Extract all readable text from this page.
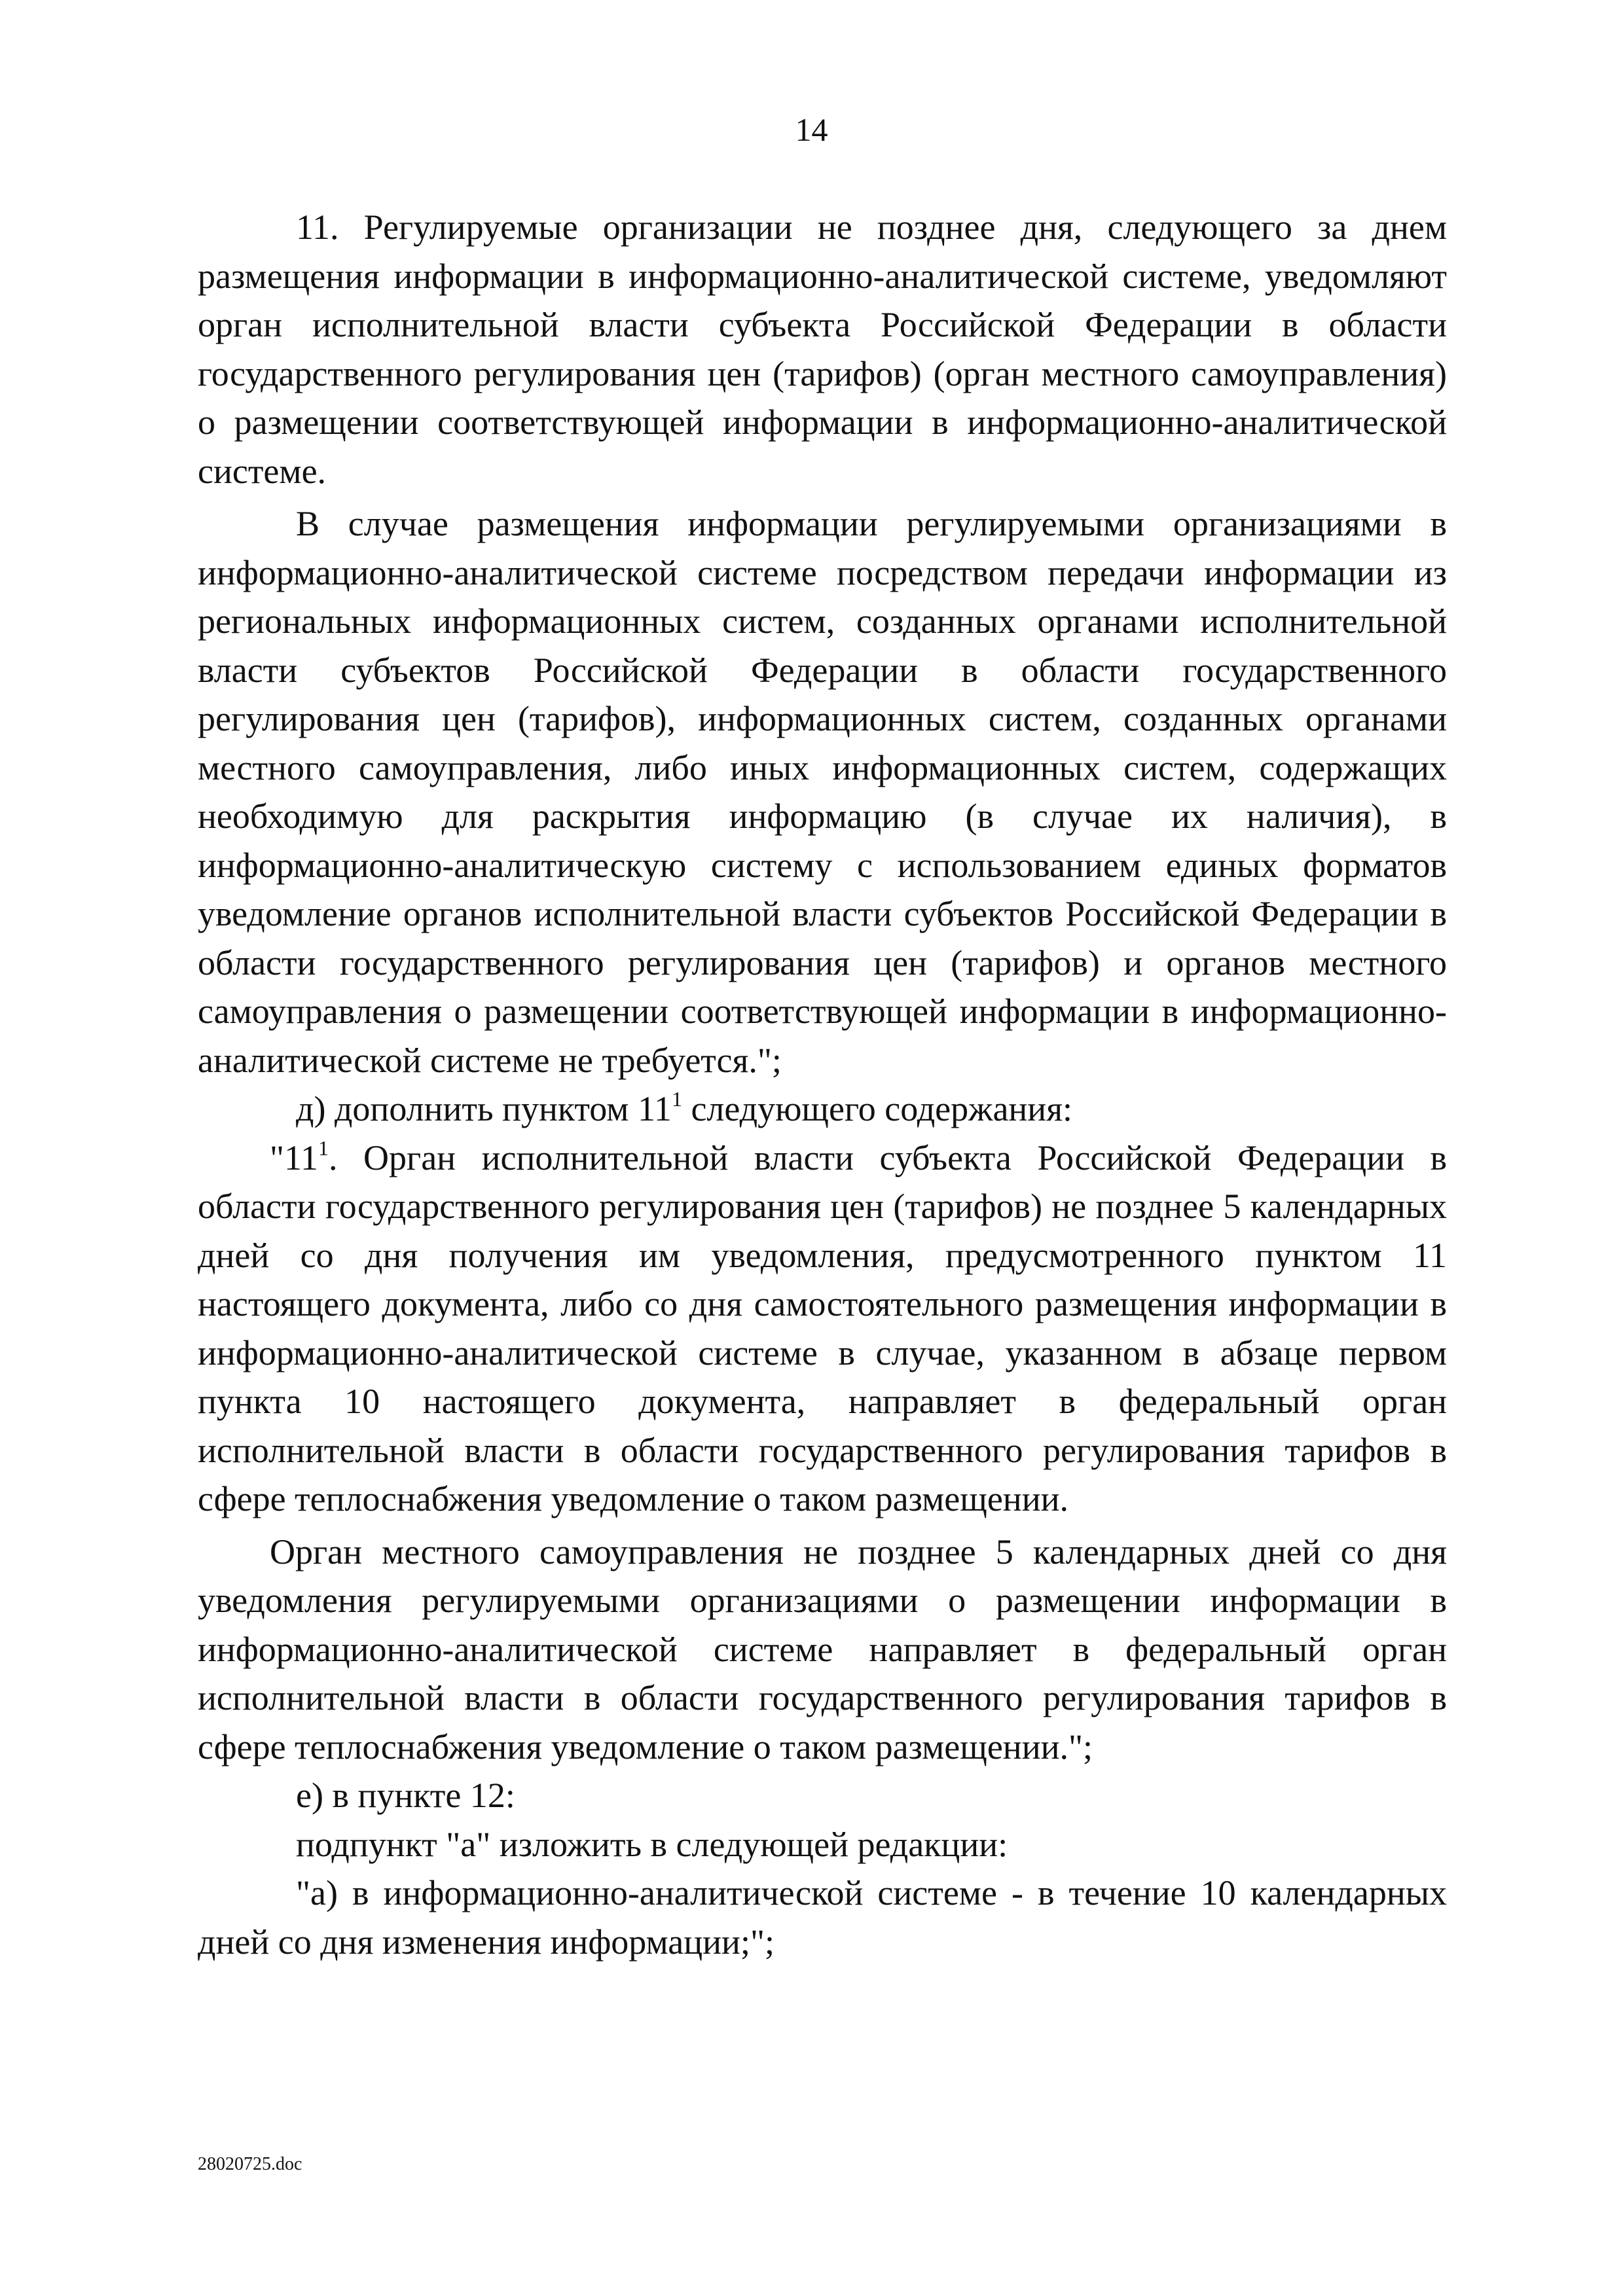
14

11. Регулируемые организации не позднее дня, следующего за днем размещения информации в информационно-аналитической системе, уведомляют орган исполнительной власти субъекта Российской Федерации в области государственного регулирования цен (тарифов) (орган местного самоуправления) о размещении соответствующей информации в информационно-аналитической системе.

В случае размещения информации регулируемыми организациями в информационно-аналитической системе посредством передачи информации из региональных информационных систем, созданных органами исполнительной власти субъектов Российской Федерации в области государственного регулирования цен (тарифов), информационных систем, созданных органами местного самоуправления, либо иных информационных систем, содержащих необходимую для раскрытия информацию (в случае их наличия), в информационно-аналитическую систему с использованием единых форматов уведомление органов исполнительной власти субъектов Российской Федерации в области государственного регулирования цен (тарифов) и органов местного самоуправления о размещении соответствующей информации в информационно-аналитической системе не требуется.";

д) дополнить пунктом $11^1$ следующего содержания:

"$11^1$. Орган исполнительной власти субъекта Российской Федерации в области государственного регулирования цен (тарифов) не позднее 5 календарных дней со дня получения им уведомления, предусмотренного пунктом 11 настоящего документа, либо со дня самостоятельного размещения информации в информационно-аналитической системе в случае, указанном в абзаце первом пункта 10 настоящего документа, направляет в федеральный орган исполнительной власти в области государственного регулирования тарифов в сфере теплоснабжения уведомление о таком размещении.

Орган местного самоуправления не позднее 5 календарных дней со дня уведомления регулируемыми организациями о размещении информации в информационно-аналитической системе направляет в федеральный орган исполнительной власти в области государственного регулирования тарифов в сфере теплоснабжения уведомление о таком размещении.";

е) в пункте 12:

подпункт "а" изложить в следующей редакции:

"а) в информационно-аналитической системе - в течение 10 календарных дней со дня изменения информации;";

28020725.doc
